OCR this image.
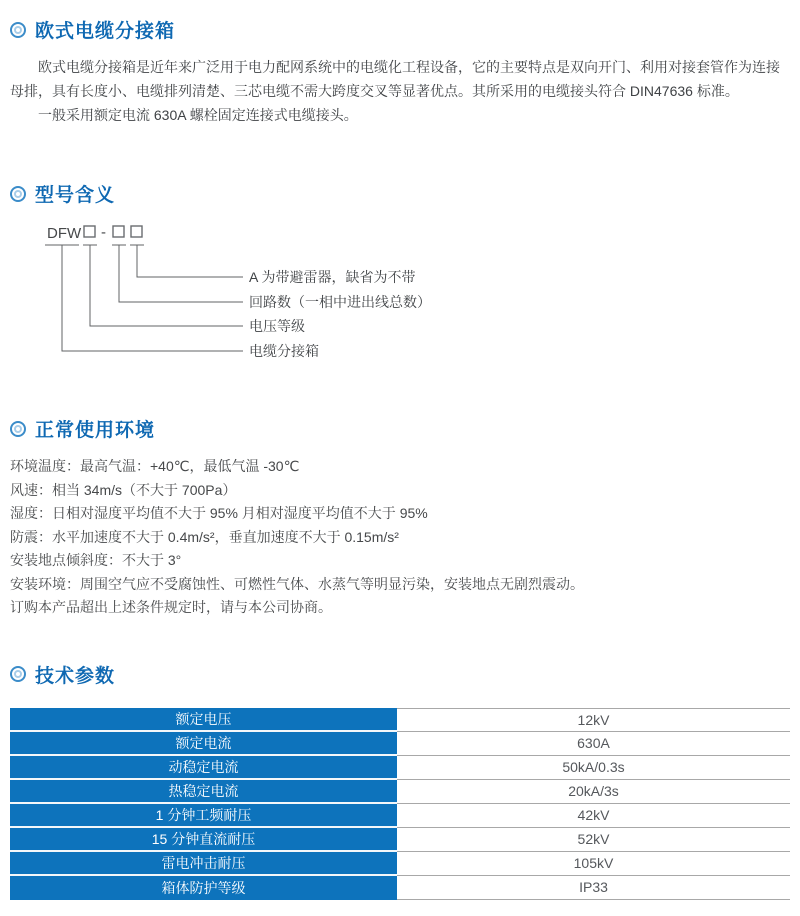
欧式电缆分接箱

欧式电缆分接箱是近年来广泛用于电力配网系统中的电缆化工程设备，它的主要特点是双向开门、利用对接套管作为连接母排，具有长度小、电缆排列清楚、三芯电缆不需大跨度交叉等显著优点。其所采用的电缆接头符合 DIN47636 标准。

一般采用额定电流 630A 螺栓固定连接式电缆接头。

型号含义
DFW -
A 为带避雷器，缺省为不带
回路数（一相中进出线总数）
电压等级
电缆分接箱
正常使用环境
环境温度：最高气温：+40℃，最低气温 -30℃
风速：相当 34m/s（不大于 700Pa）
湿度：日相对湿度平均值不大于 95% 月相对湿度平均值不大于 95%
防震：水平加速度不大于 0.4m/s²，垂直加速度不大于 0.15m/s²
安装地点倾斜度：不大于 3°
安装环境：周围空气应不受腐蚀性、可燃性气体、水蒸气等明显污染，安装地点无剧烈震动。
订购本产品超出上述条件规定时，请与本公司协商。
技术参数
额定电压	12kV
额定电流	630A
动稳定电流	50kA/0.3s
热稳定电流	20kA/3s
1 分钟工频耐压	42kV
15 分钟直流耐压	52kV
雷电冲击耐压	105kV
箱体防护等级	IP33
